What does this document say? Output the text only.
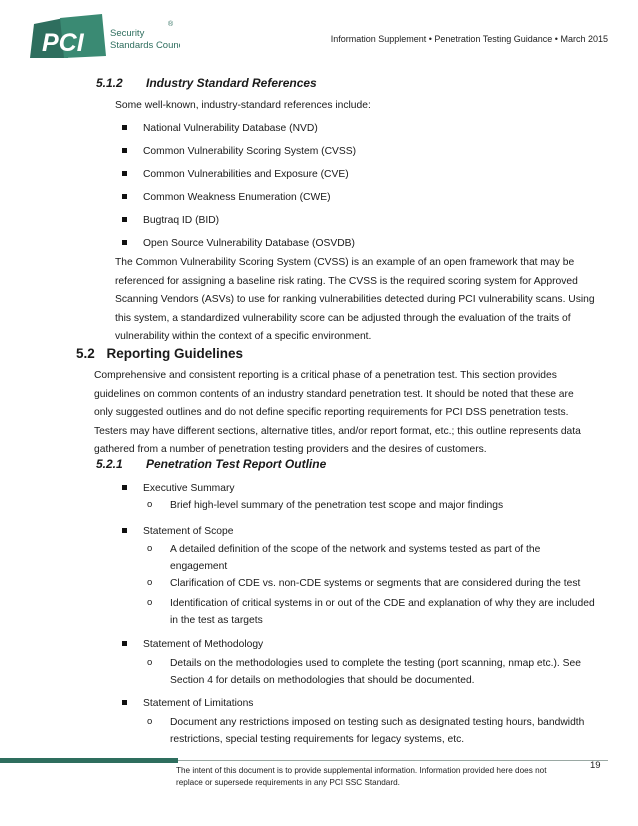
PCI	Security
Standards Council
®
Information Supplement • Penetration Testing Guidance • March 2015
5.1.2 Industry Standard References
Some well-known, industry-standard references include:
National Vulnerability Database (NVD)
Common Vulnerability Scoring System (CVSS)
Common Vulnerabilities and Exposure (CVE)
Common Weakness Enumeration (CWE)
Bugtraq ID (BID)
Open Source Vulnerability Database (OSVDB)
The Common Vulnerability Scoring System (CVSS) is an example of an open framework that may be
referenced for assigning a baseline risk rating. The CVSS is the required scoring system for Approved
Scanning Vendors (ASVs) to use for ranking vulnerabilities detected during PCI vulnerability scans. Using
this system, a standardized vulnerability score can be adjusted through the evaluation of the traits of
vulnerability within the context of a specific environment.
5.2 Reporting Guidelines
Comprehensive and consistent reporting is a critical phase of a penetration test. This section provides
guidelines on common contents of an industry standard penetration test. It should be noted that these are
only suggested outlines and do not define specific reporting requirements for PCI DSS penetration tests.
Testers may have different sections, alternative titles, and/or report format, etc.; this outline represents data
gathered from a number of penetration testing providers and the desires of customers.
5.2.1 Penetration Test Report Outline
Executive Summary
o Brief high-level summary of the penetration test scope and major findings
Statement of Scope
o A detailed definition of the scope of the network and systems tested as part of the
engagement
o Clarification of CDE vs. non-CDE systems or segments that are considered during the test
o Identification of critical systems in or out of the CDE and explanation of why they are included
in the test as targets
Statement of Methodology
o Details on the methodologies used to complete the testing (port scanning, nmap etc.). See
Section 4 for details on methodologies that should be documented.
Statement of Limitations
o Document any restrictions imposed on testing such as designated testing hours, bandwidth
restrictions, special testing requirements for legacy systems, etc.
The intent of this document is to provide supplemental information. Information provided here does not
replace or supersede requirements in any PCI SSC Standard.
19
